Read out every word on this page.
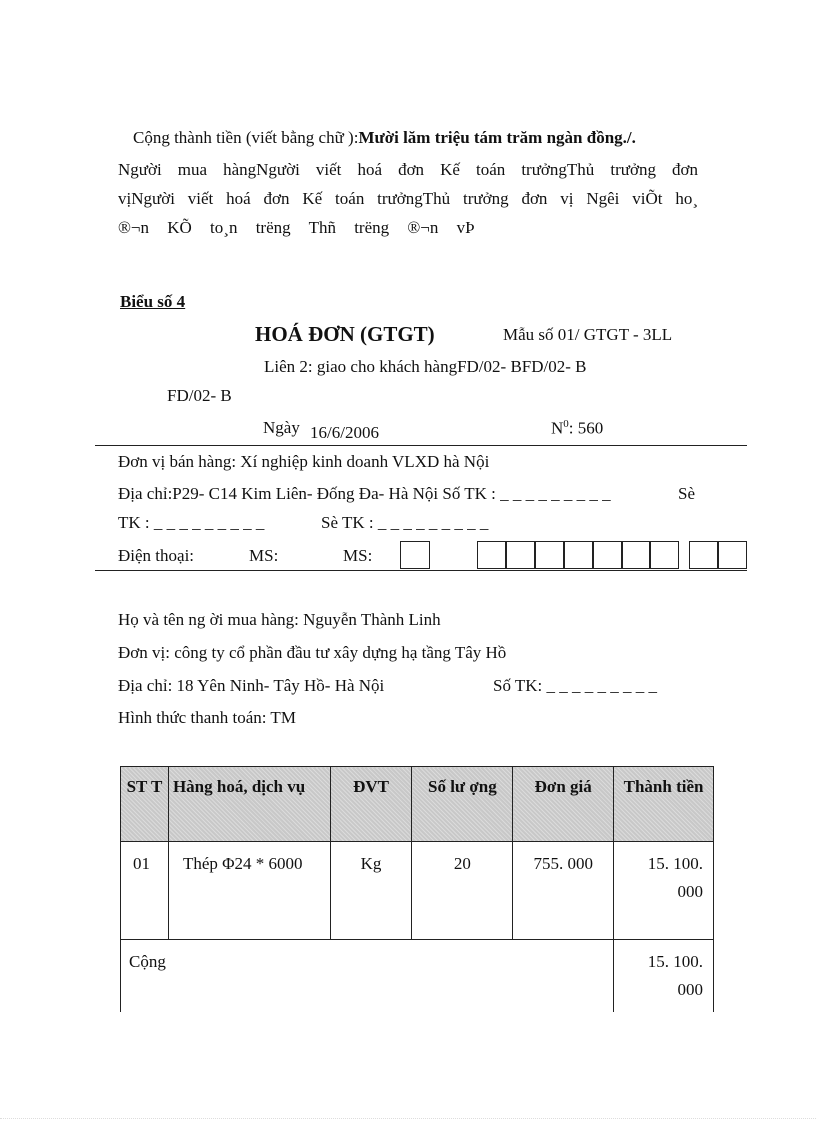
Cộng thành tiền (viết bằng chữ ):Mười lăm triệu tám trăm ngàn đồng./.
Người mua hàngNgười viết hoá đơn Kế toán trưởngThủ trưởng đơn
vịNgười viết hoá đơn Kế toán trưởngThủ trưởng đơn vị Ngêi viÕt ho¸
®¬n KÕ to¸n trëng Thñ trëng ®¬n vÞ
Biểu số 4
HOÁ ĐƠN (GTGT)	Mẫu số 01/ GTGT - 3LL
Liên 2: giao cho khách hàngFD/02- BFD/02- B
FD/02- B
Ngày 16/6/2006	$N^0$: 560
Đơn vị bán hàng: Xí nghiệp kinh doanh VLXD hà Nội
Địa chỉ:P29- C14 Kim Liên- Đống Đa- Hà Nội Số TK : _ _ _ _ _ _ _ _ _	Sè
TK : _ _ _ _ _ _ _ _ _	Sè TK : _ _ _ _ _ _ _ _ _
Điện thoại:	MS:	MS:
Họ và tên ng ời mua hàng: Nguyễn Thành Linh
Đơn vị: công ty cổ phần đầu tư xây dựng hạ tầng Tây Hồ
Địa chỉ: 18 Yên Ninh- Tây Hồ- Hà Nội	Số TK: _ _ _ _ _ _ _ _ _
Hình thức thanh toán: TM
ST T	Hàng hoá, dịch vụ	ĐVT	Số lư ợng	Đơn giá	Thành tiền
01	Thép Φ24 * 6000	Kg	20	755. 000	15. 100. 000
Cộng					15. 100. 000
